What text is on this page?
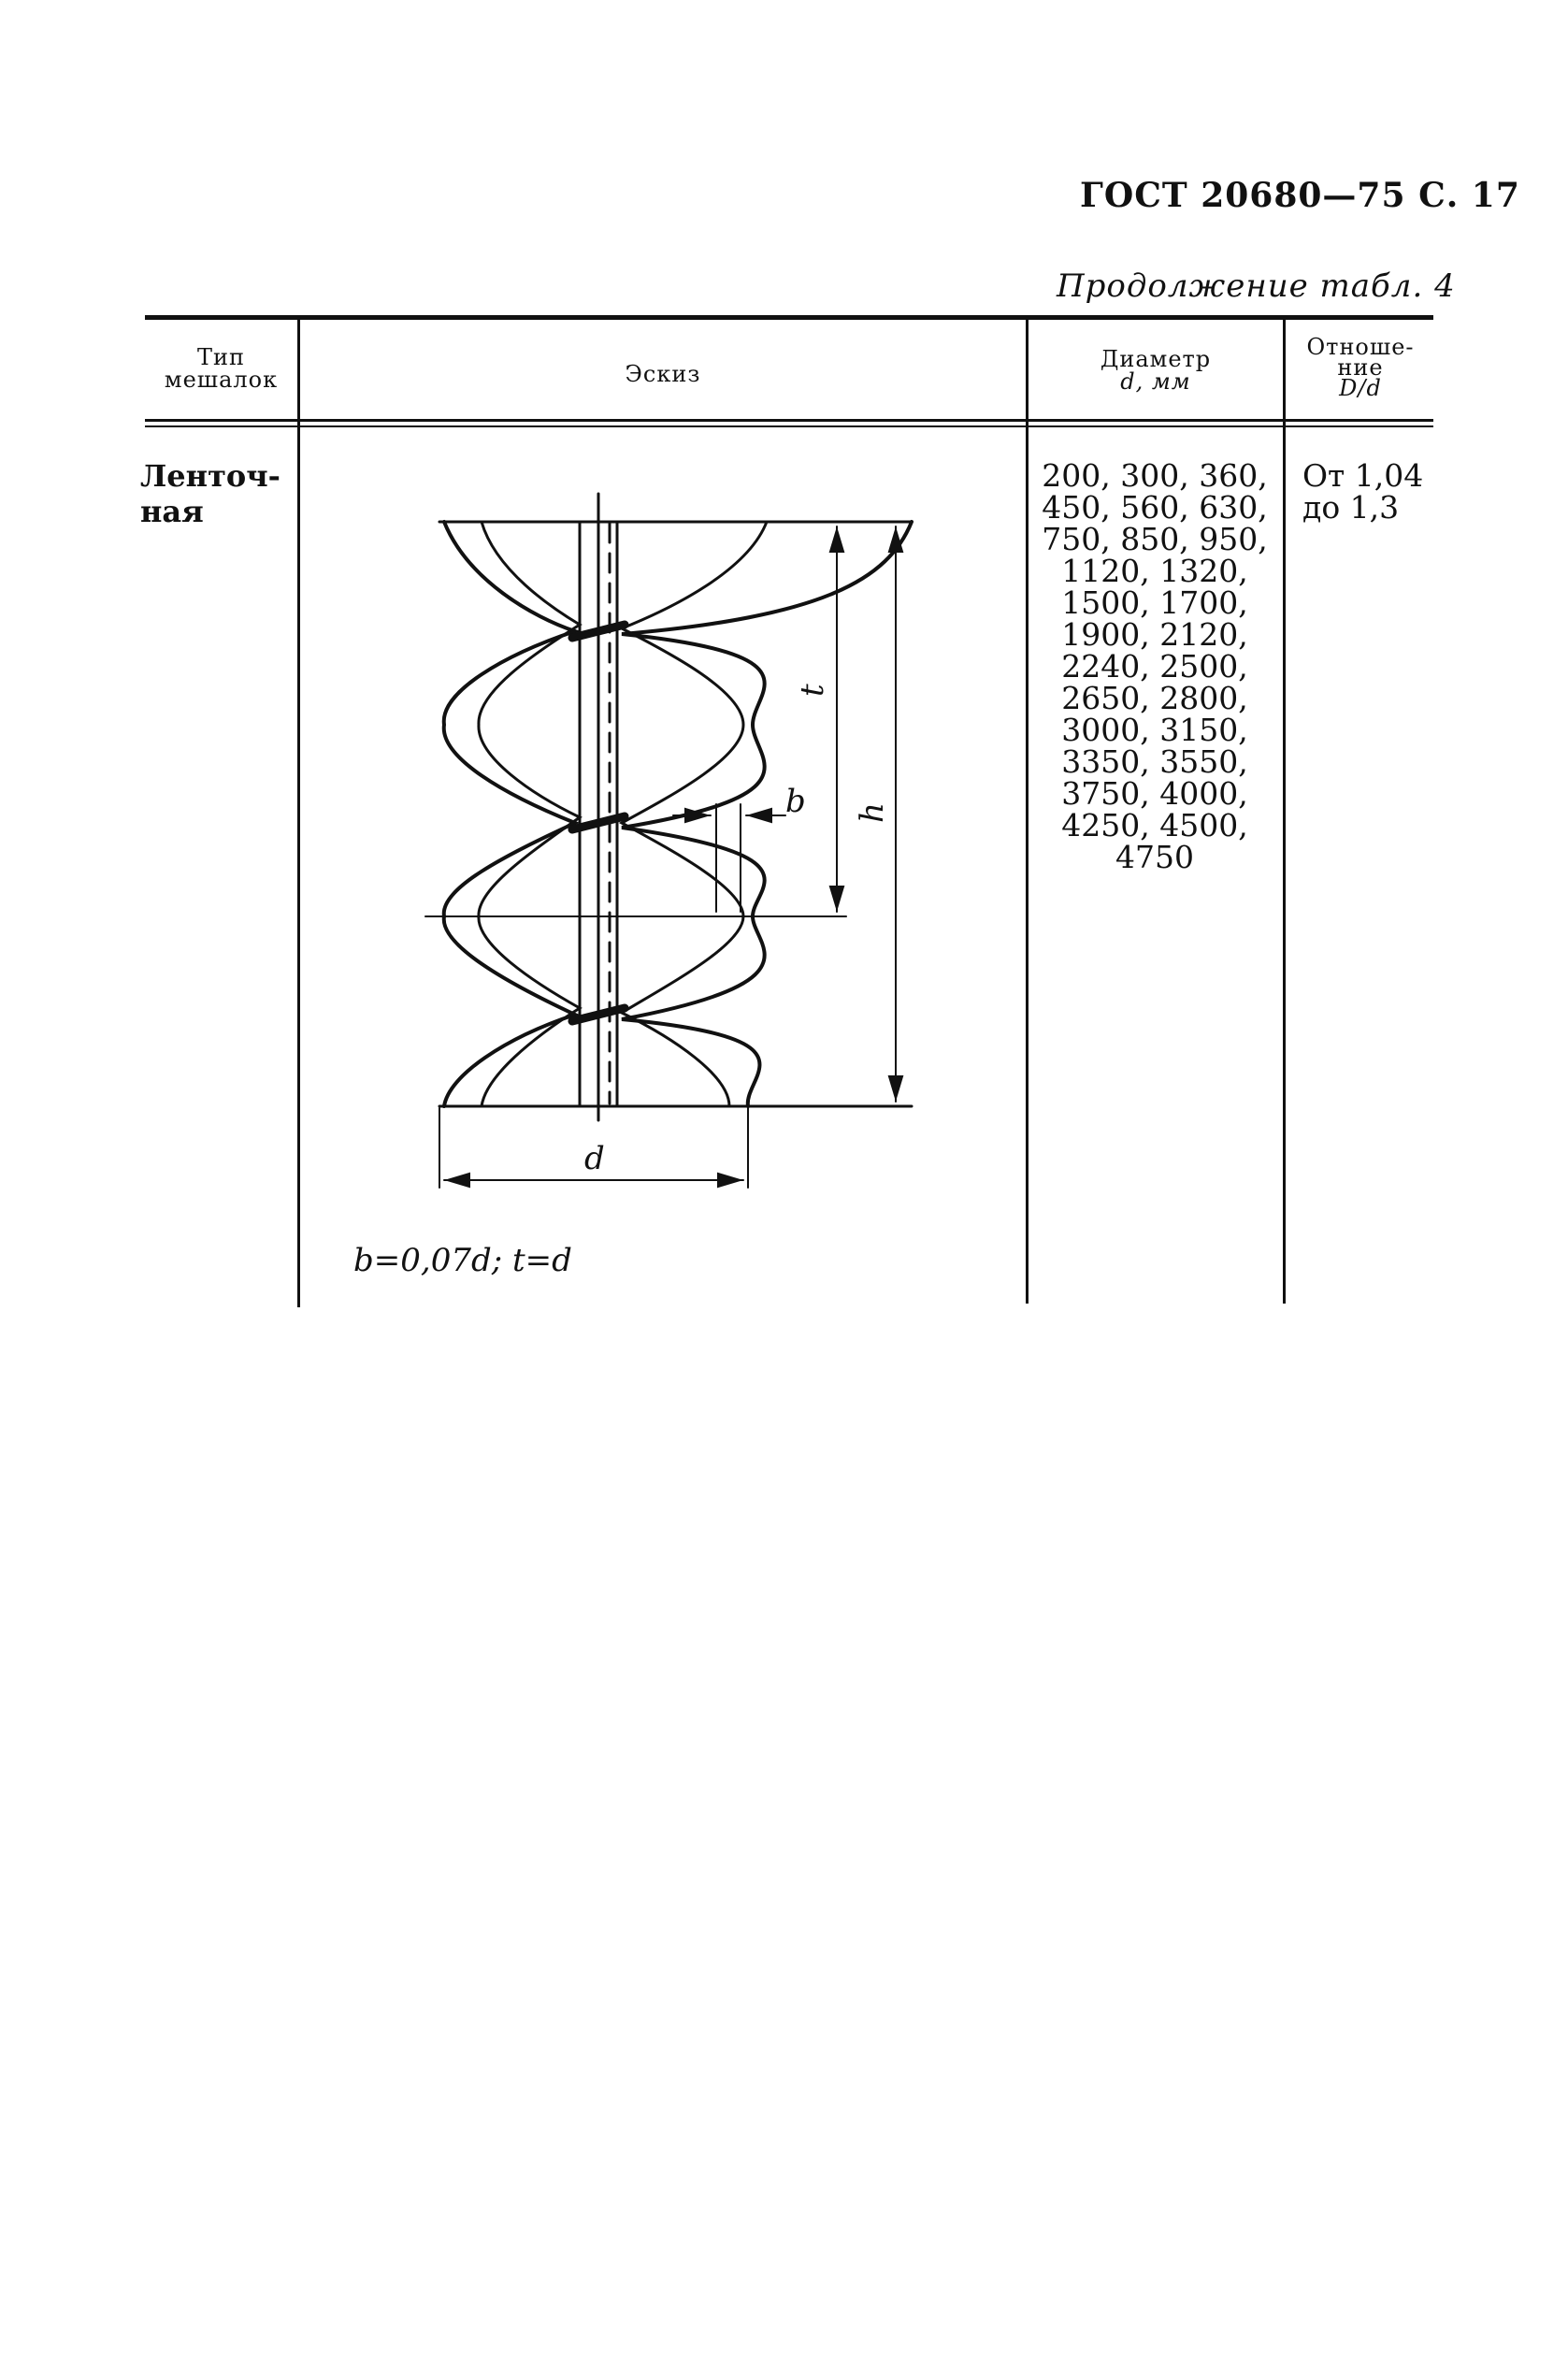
ГОСТ 20680—75 С. 17
Продолжение табл. 4
Тип
мешалок	Эскиз
Диаметр
d, мм
Отноше-
ние
D/d
Ленточ-
ная
200, 300, 360,
450, 560, 630,
750, 850, 950,
1120, 1320,
1500, 1700,
1900, 2120,
2240, 2500,
2650, 2800,
3000, 3150,
3350, 3550,
3750, 4000,
4250, 4500,
4750
От 1,04
до 1,3
b=0,07d; t=d
t
h
b
d
